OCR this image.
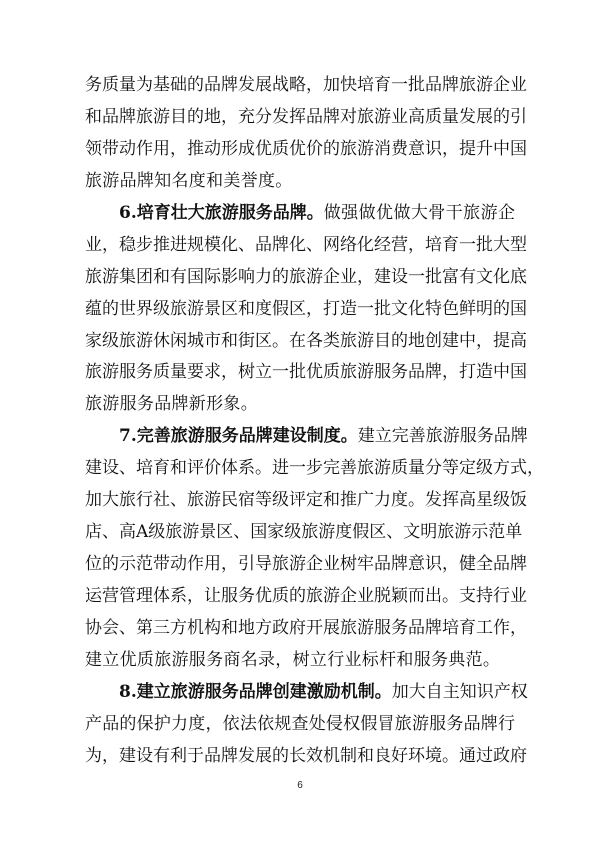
务质量为基础的品牌发展战略，加快培育一批品牌旅游企业
和品牌旅游目的地，充分发挥品牌对旅游业高质量发展的引
领带动作用，推动形成优质优价的旅游消费意识，提升中国
旅游品牌知名度和美誉度。
6.培育壮大旅游服务品牌。 做强做优做大骨干旅游企
业，稳步推进规模化、品牌化、网络化经营，培育一批大型
旅游集团和有国际影响力的旅游企业，建设一批富有文化底
蕴的世界级旅游景区和度假区，打造一批文化特色鲜明的国
家级旅游休闲城市和街区。在各类旅游目的地创建中，提高
旅游服务质量要求，树立一批优质旅游服务品牌，打造中国
旅游服务品牌新形象。
7.完善旅游服务品牌建设制度。 建立完善旅游服务品牌
建设、培育和评价体系。进一步完善旅游质量分等定级方式，
加大旅行社、旅游民宿等级评定和推广力度。发挥高星级饭
店、高A级旅游景区、国家级旅游度假区、文明旅游示范单
位的示范带动作用，引导旅游企业树牢品牌意识，健全品牌
运营管理体系，让服务优质的旅游企业脱颖而出。支持行业
协会、第三方机构和地方政府开展旅游服务品牌培育工作，
建立优质旅游服务商名录，树立行业标杆和服务典范。
8.建立旅游服务品牌创建激励机制。 加大自主知识产权
产品的保护力度，依法依规查处侵权假冒旅游服务品牌行
为，建设有利于品牌发展的长效机制和良好环境。通过政府
6
